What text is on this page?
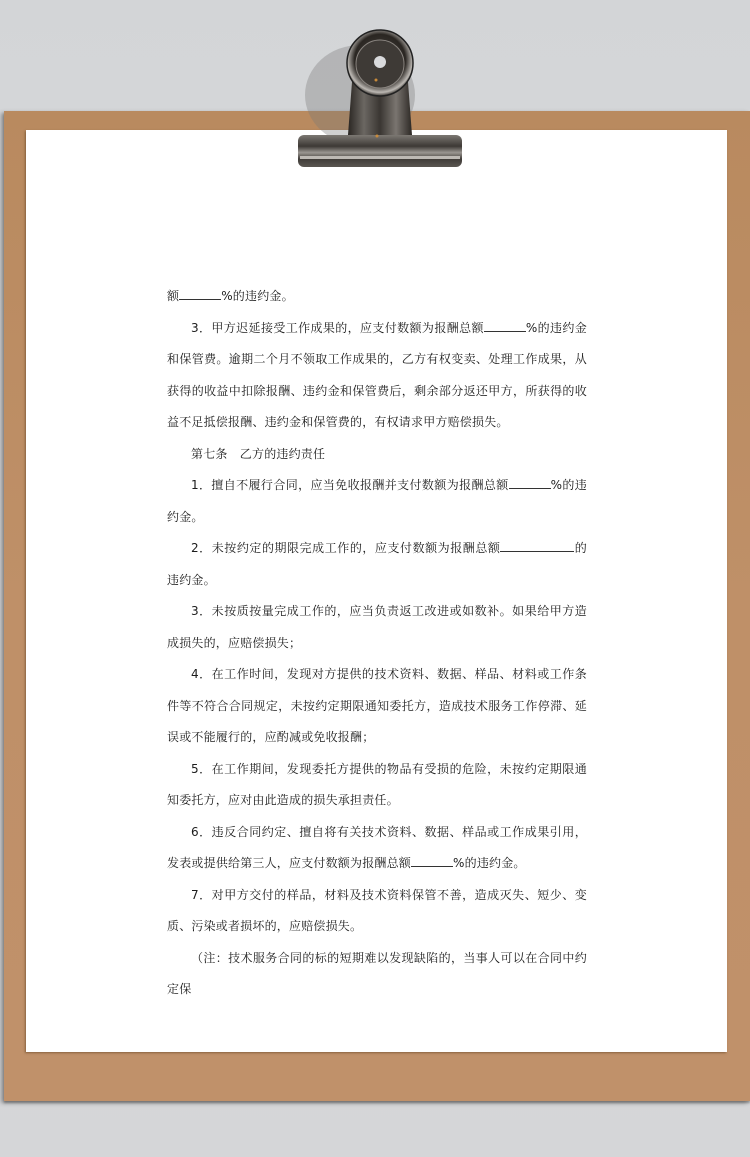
额	%的违约金。

3．甲方迟延接受工作成果的，应支付数额为报酬总额	%的违约金和保管费。逾期二个月不领取工作成果的，乙方有权变卖、处理工作成果，从获得的收益中扣除报酬、违约金和保管费后，剩余部分返还甲方，所获得的收益不足抵偿报酬、违约金和保管费的，有权请求甲方赔偿损失。

第七条　乙方的违约责任

1．擅自不履行合同，应当免收报酬并支付数额为报酬总额	%的违约金。

2．未按约定的期限完成工作的，应支付数额为报酬总额	的违约金。

3．未按质按量完成工作的，应当负责返工改进或如数补。如果给甲方造成损失的，应赔偿损失；

4．在工作时间，发现对方提供的技术资料、数据、样品、材料或工作条件等不符合合同规定，未按约定期限通知委托方，造成技术服务工作停滞、延误或不能履行的，应酌减或免收报酬；

5．在工作期间，发现委托方提供的物品有受损的危险，未按约定期限通知委托方，应对由此造成的损失承担责任。

6．违反合同约定、擅自将有关技术资料、数据、样品或工作成果引用，发表或提供给第三人，应支付数额为报酬总额	%的违约金。

7．对甲方交付的样品，材料及技术资料保管不善，造成灭失、短少、变质、污染或者损坏的，应赔偿损失。

（注：技术服务合同的标的短期难以发现缺陷的，当事人可以在合同中约定保
